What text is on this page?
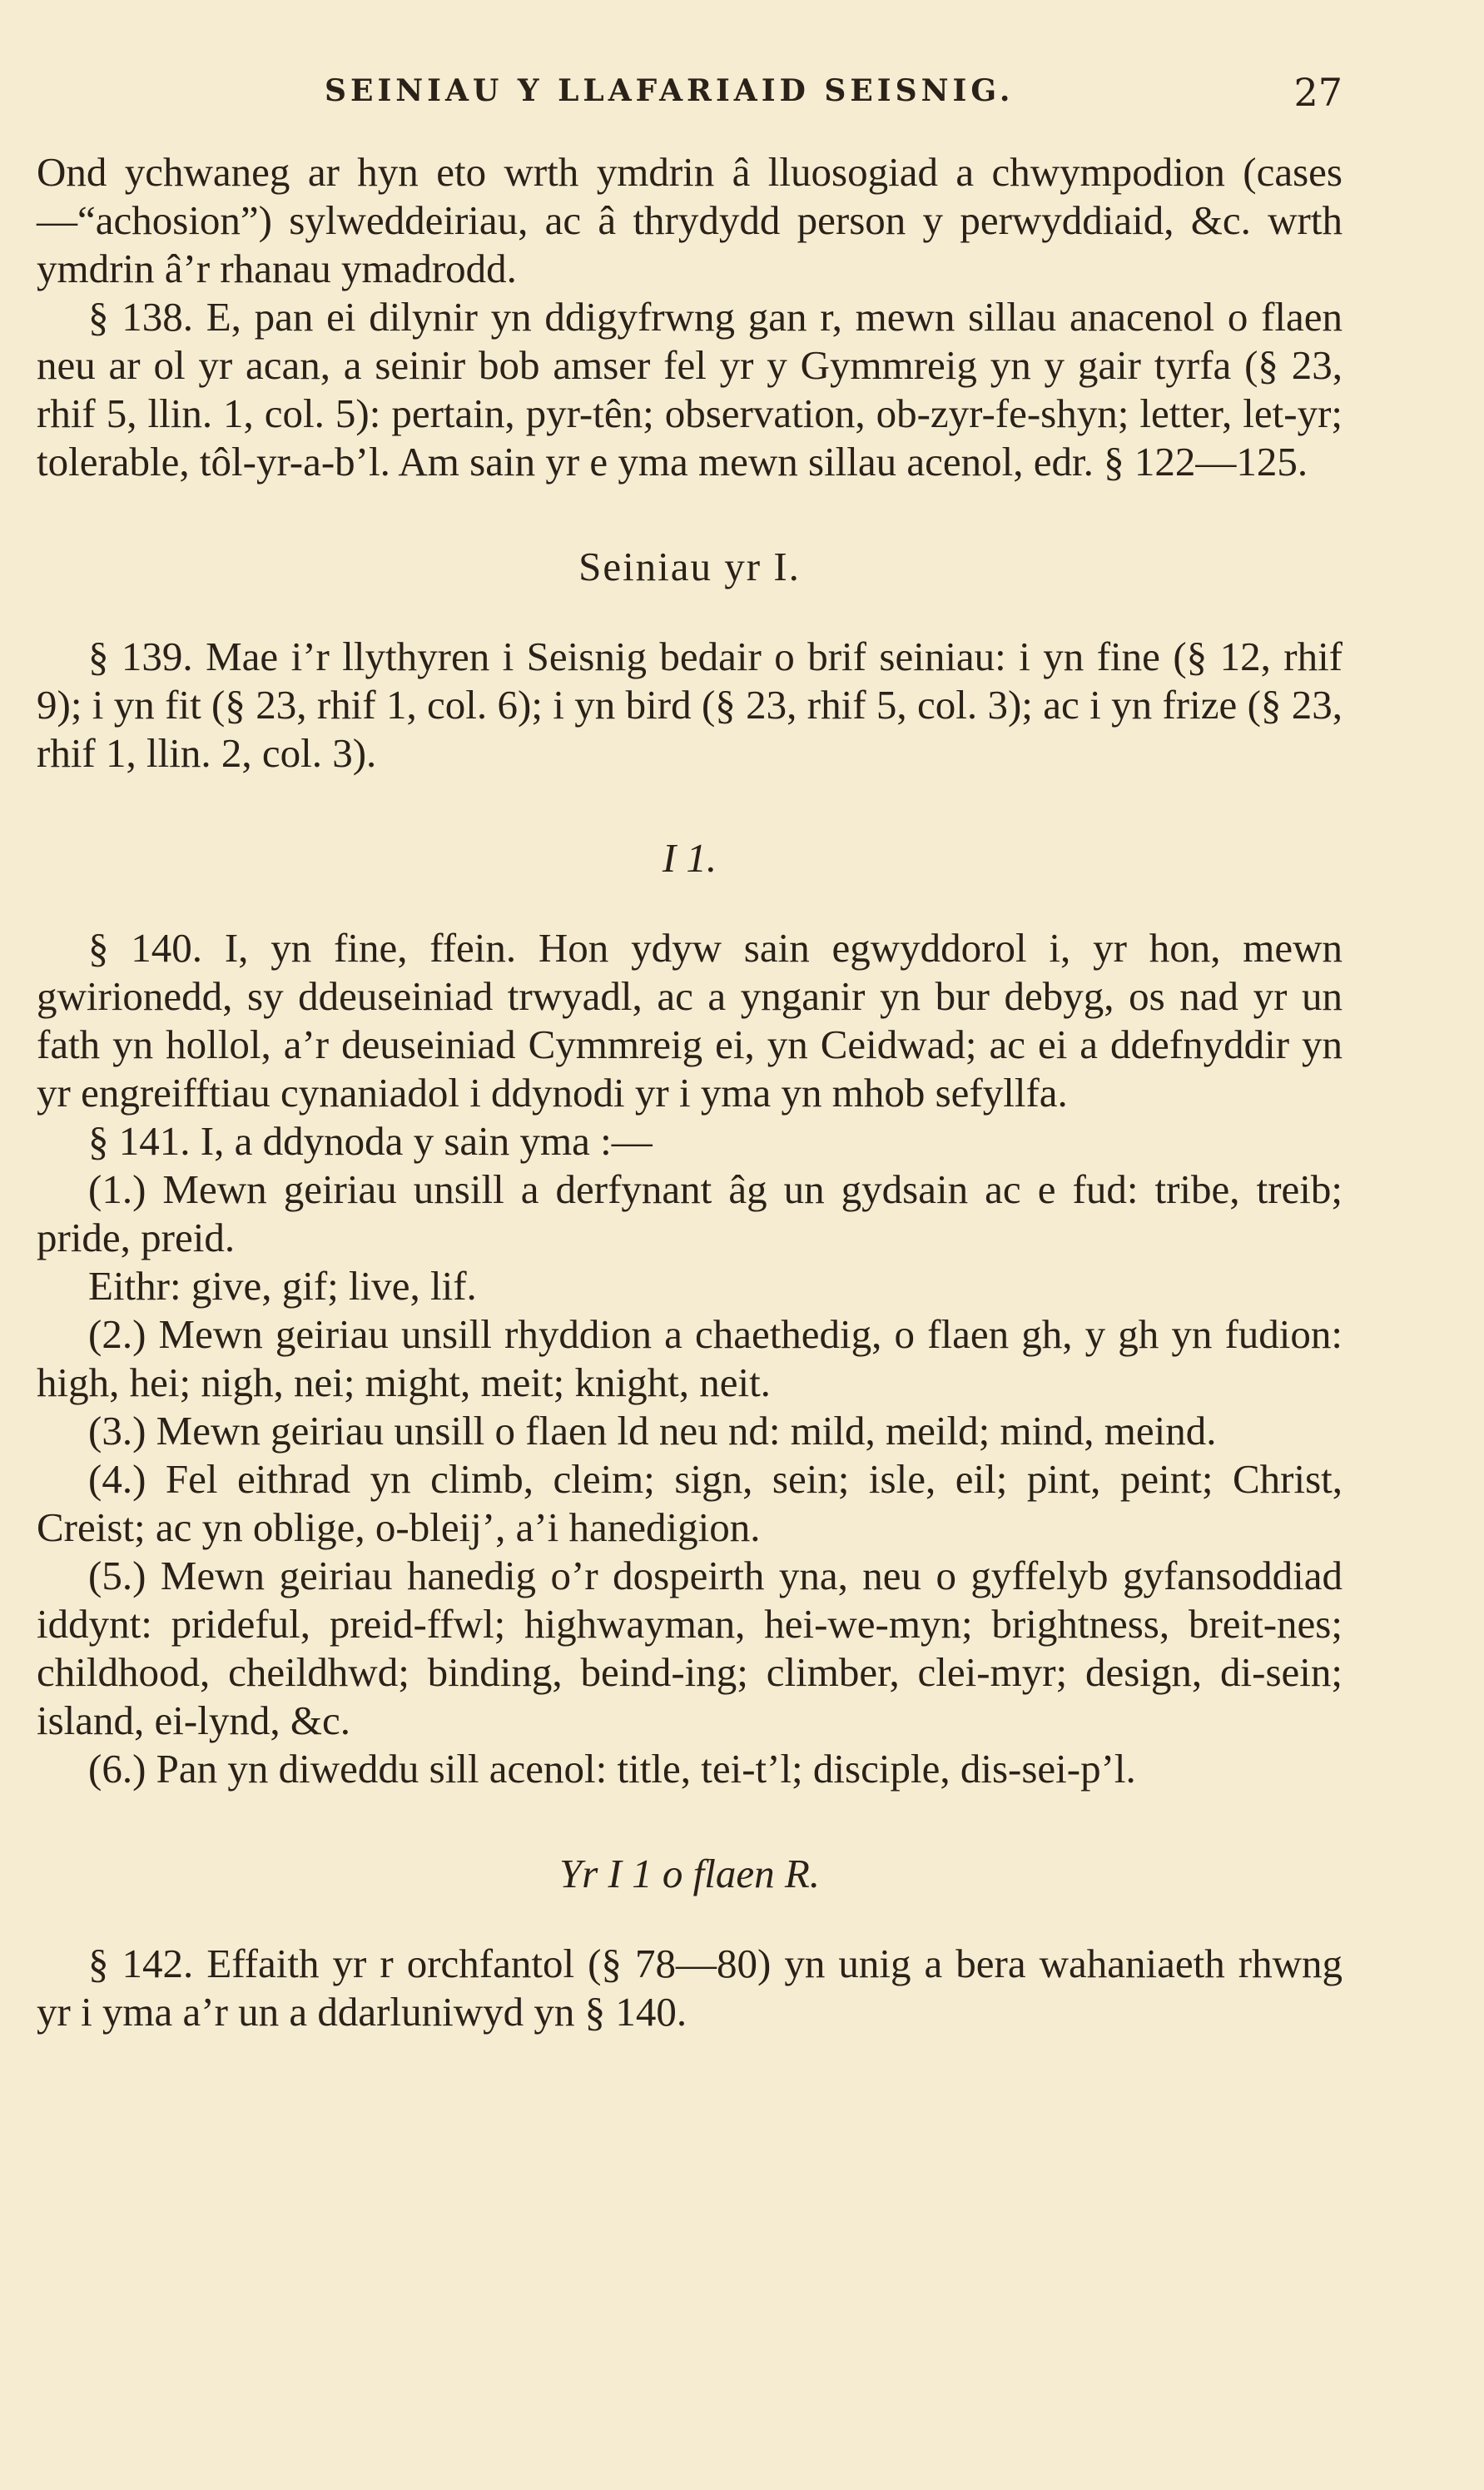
SEINIAU Y LLAFARIAID SEISNIG.	27

Ond ychwaneg ar hyn eto wrth ymdrin â lluosogiad a chwympodion (cases—“achosion”) sylweddeiriau, ac â thrydydd person y perwyddiaid, &c. wrth ymdrin â’r rhanau ymadrodd.

§ 138. E, pan ei dilynir yn ddigyfrwng gan r, mewn sillau anacenol o flaen neu ar ol yr acan, a seinir bob amser fel yr y Gymmreig yn y gair tyrfa (§ 23, rhif 5, llin. 1, col. 5): pertain, pyr-tên; observation, ob-zyr-fe-shyn; letter, let-yr; tolerable, tôl-yr-a-b’l. Am sain yr e yma mewn sillau acenol, edr. § 122—125.

Seiniau yr I.

§ 139. Mae i’r llythyren i Seisnig bedair o brif seiniau: i yn fine (§ 12, rhif 9); i yn fit (§ 23, rhif 1, col. 6); i yn bird (§ 23, rhif 5, col. 3); ac i yn frize (§ 23, rhif 1, llin. 2, col. 3).

I 1.

§ 140. I, yn fine, ffein. Hon ydyw sain egwyddorol i, yr hon, mewn gwirionedd, sy ddeuseiniad trwyadl, ac a ynganir yn bur debyg, os nad yr un fath yn hollol, a’r deuseiniad Cymmreig ei, yn Ceidwad; ac ei a ddefnyddir yn yr engreifftiau cynaniadol i ddynodi yr i yma yn mhob sefyllfa.

§ 141. I, a ddynoda y sain yma :—

(1.) Mewn geiriau unsill a derfynant âg un gydsain ac e fud: tribe, treib; pride, preid.

Eithr: give, gif; live, lif.

(2.) Mewn geiriau unsill rhyddion a chaethedig, o flaen gh, y gh yn fudion: high, hei; nigh, nei; might, meit; knight, neit.

(3.) Mewn geiriau unsill o flaen ld neu nd: mild, meild; mind, meind.

(4.) Fel eithrad yn climb, cleim; sign, sein; isle, eil; pint, peint; Christ, Creist; ac yn oblige, o-bleij’, a’i hanedigion.

(5.) Mewn geiriau hanedig o’r dospeirth yna, neu o gyffelyb gyfansoddiad iddynt: prideful, preid-ffwl; highwayman, hei-we-myn; brightness, breit-nes; childhood, cheildhwd; binding, beind-ing; climber, clei-myr; design, di-sein; island, ei-lynd, &c.

(6.) Pan yn diweddu sill acenol: title, tei-t’l; disciple, dis-sei-p’l.

Yr I 1 o flaen R.

§ 142. Effaith yr r orchfantol (§ 78—80) yn unig a bera wahaniaeth rhwng yr i yma a’r un a ddarluniwyd yn § 140.
